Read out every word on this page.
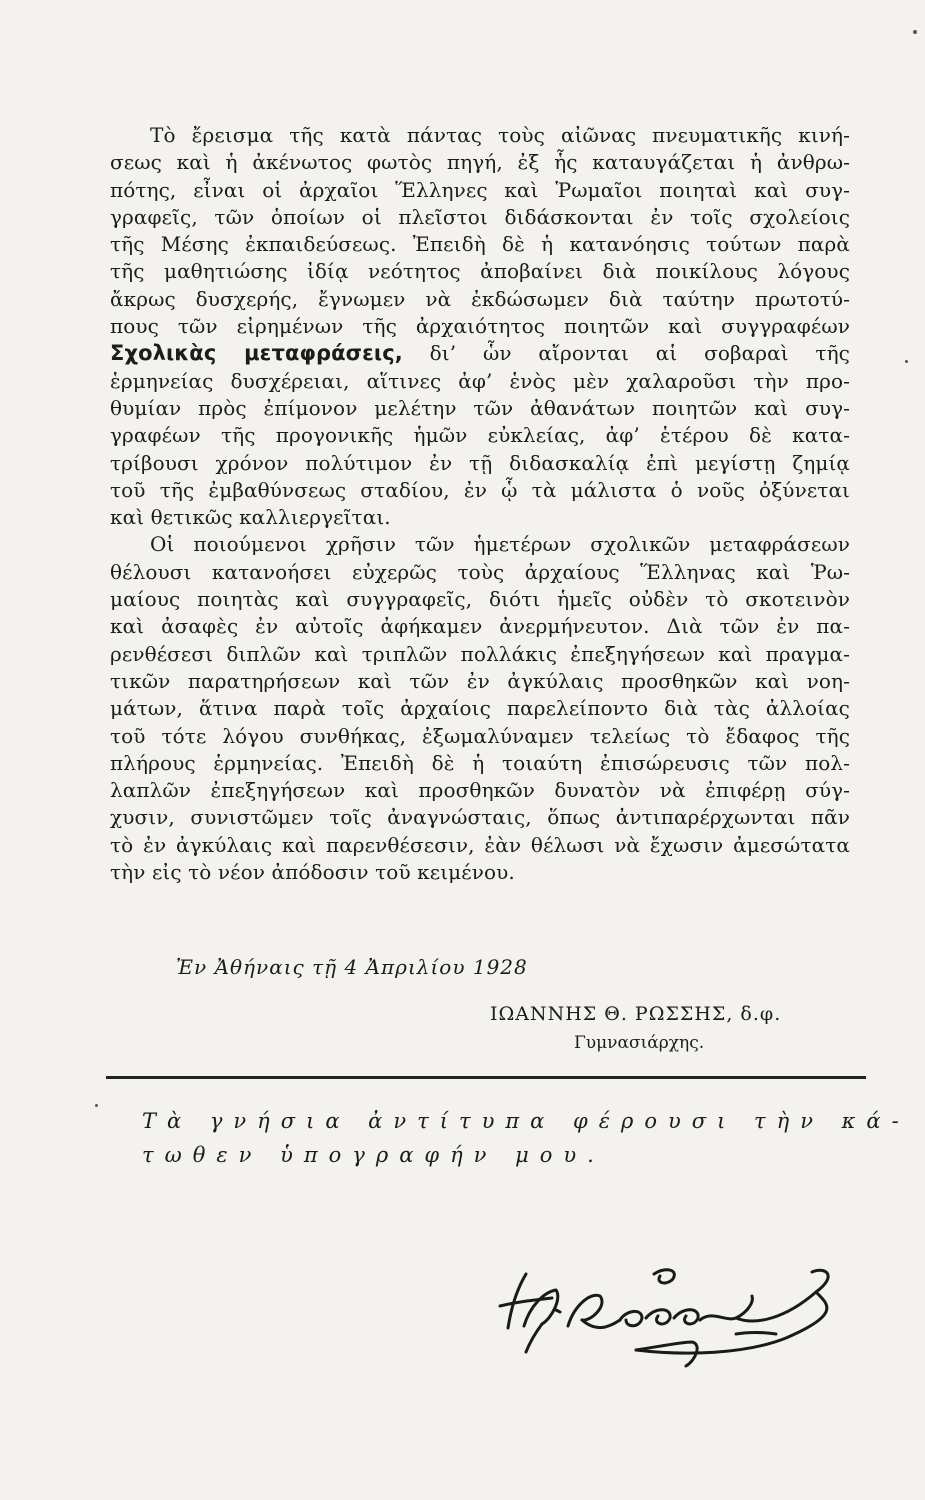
Τὸ ἔρεισμα τῆς κατὰ πάντας τοὺς αἰῶνας πνευματικῆς κινή-
σεως καὶ ἡ ἀκένωτος φωτὸς πηγή, ἐξ ἧς καταυγάζεται ἡ ἀνθρω-
πότης, εἶναι οἱ ἀρχαῖοι Ἕλληνες καὶ Ῥωμαῖοι ποιηταὶ καὶ συγ-
γραφεῖς, τῶν ὁποίων οἱ πλεῖστοι διδάσκονται ἐν τοῖς σχολείοις
τῆς Μέσης ἐκπαιδεύσεως. Ἐπειδὴ δὲ ἡ κατανόησις τούτων παρὰ
τῆς μαθητιώσης ἰδίᾳ νεότητος ἀποβαίνει διὰ ποικίλους λόγους
ἄκρως δυσχερής, ἔγνωμεν νὰ ἐκδώσωμεν διὰ ταύτην πρωτοτύ-
πους τῶν εἰρημένων τῆς ἀρχαιότητος ποιητῶν καὶ συγγραφέων
Σχολικὰς μεταφράσεις, δι’ ὧν αἴρονται αἱ σοβαραὶ τῆς
ἑρμηνείας δυσχέρειαι, αἵτινες ἀφ’ ἑνὸς μὲν χαλαροῦσι τὴν προ-
θυμίαν πρὸς ἐπίμονον μελέτην τῶν ἀθανάτων ποιητῶν καὶ συγ-
γραφέων τῆς προγονικῆς ἡμῶν εὐκλείας, ἀφ’ ἑτέρου δὲ κατα-
τρίβουσι χρόνον πολύτιμον ἐν τῇ διδασκαλίᾳ ἐπὶ μεγίστῃ ζημίᾳ
τοῦ τῆς ἐμβαθύνσεως σταδίου, ἐν ᾧ τὰ μάλιστα ὁ νοῦς ὀξύνεται
καὶ θετικῶς καλλιεργεῖται.
Οἱ ποιούμενοι χρῆσιν τῶν ἡμετέρων σχολικῶν μεταφράσεων
θέλουσι κατανοήσει εὐχερῶς τοὺς ἀρχαίους Ἕλληνας καὶ Ῥω-
μαίους ποιητὰς καὶ συγγραφεῖς, διότι ἡμεῖς οὐδὲν τὸ σκοτεινὸν
καὶ ἀσαφὲς ἐν αὐτοῖς ἀφήκαμεν ἀνερμήνευτον. Διὰ τῶν ἐν πα-
ρενθέσεσι διπλῶν καὶ τριπλῶν πολλάκις ἐπεξηγήσεων καὶ πραγμα-
τικῶν παρατηρήσεων καὶ τῶν ἐν ἀγκύλαις προσθηκῶν καὶ νοη-
μάτων, ἅτινα παρὰ τοῖς ἀρχαίοις παρελείποντο διὰ τὰς ἀλλοίας
τοῦ τότε λόγου συνθήκας, ἐξωμαλύναμεν τελείως τὸ ἔδαφος τῆς
πλήρους ἑρμηνείας. Ἐπειδὴ δὲ ἡ τοιαύτη ἐπισώρευσις τῶν πολ-
λαπλῶν ἐπεξηγήσεων καὶ προσθηκῶν δυνατὸν νὰ ἐπιφέρῃ σύγ-
χυσιν, συνιστῶμεν τοῖς ἀναγνώσταις, ὅπως ἀντιπαρέρχωνται πᾶν
τὸ ἐν ἀγκύλαις καὶ παρενθέσεσιν, ἐὰν θέλωσι νὰ ἔχωσιν ἀμεσώτατα
τὴν εἰς τὸ νέον ἀπόδοσιν τοῦ κειμένου.
Ἐν Ἀθήναις τῇ 4 Ἀπριλίου 1928
ΙΩΑΝΝΗΣ Θ. ΡΩΣΣΗΣ, δ.φ.
Γυμνασιάρχης.
Τὰ γνήσια ἀντίτυπα φέρουσι τὴν κά-
τωθεν ὑπογραφήν μου.
